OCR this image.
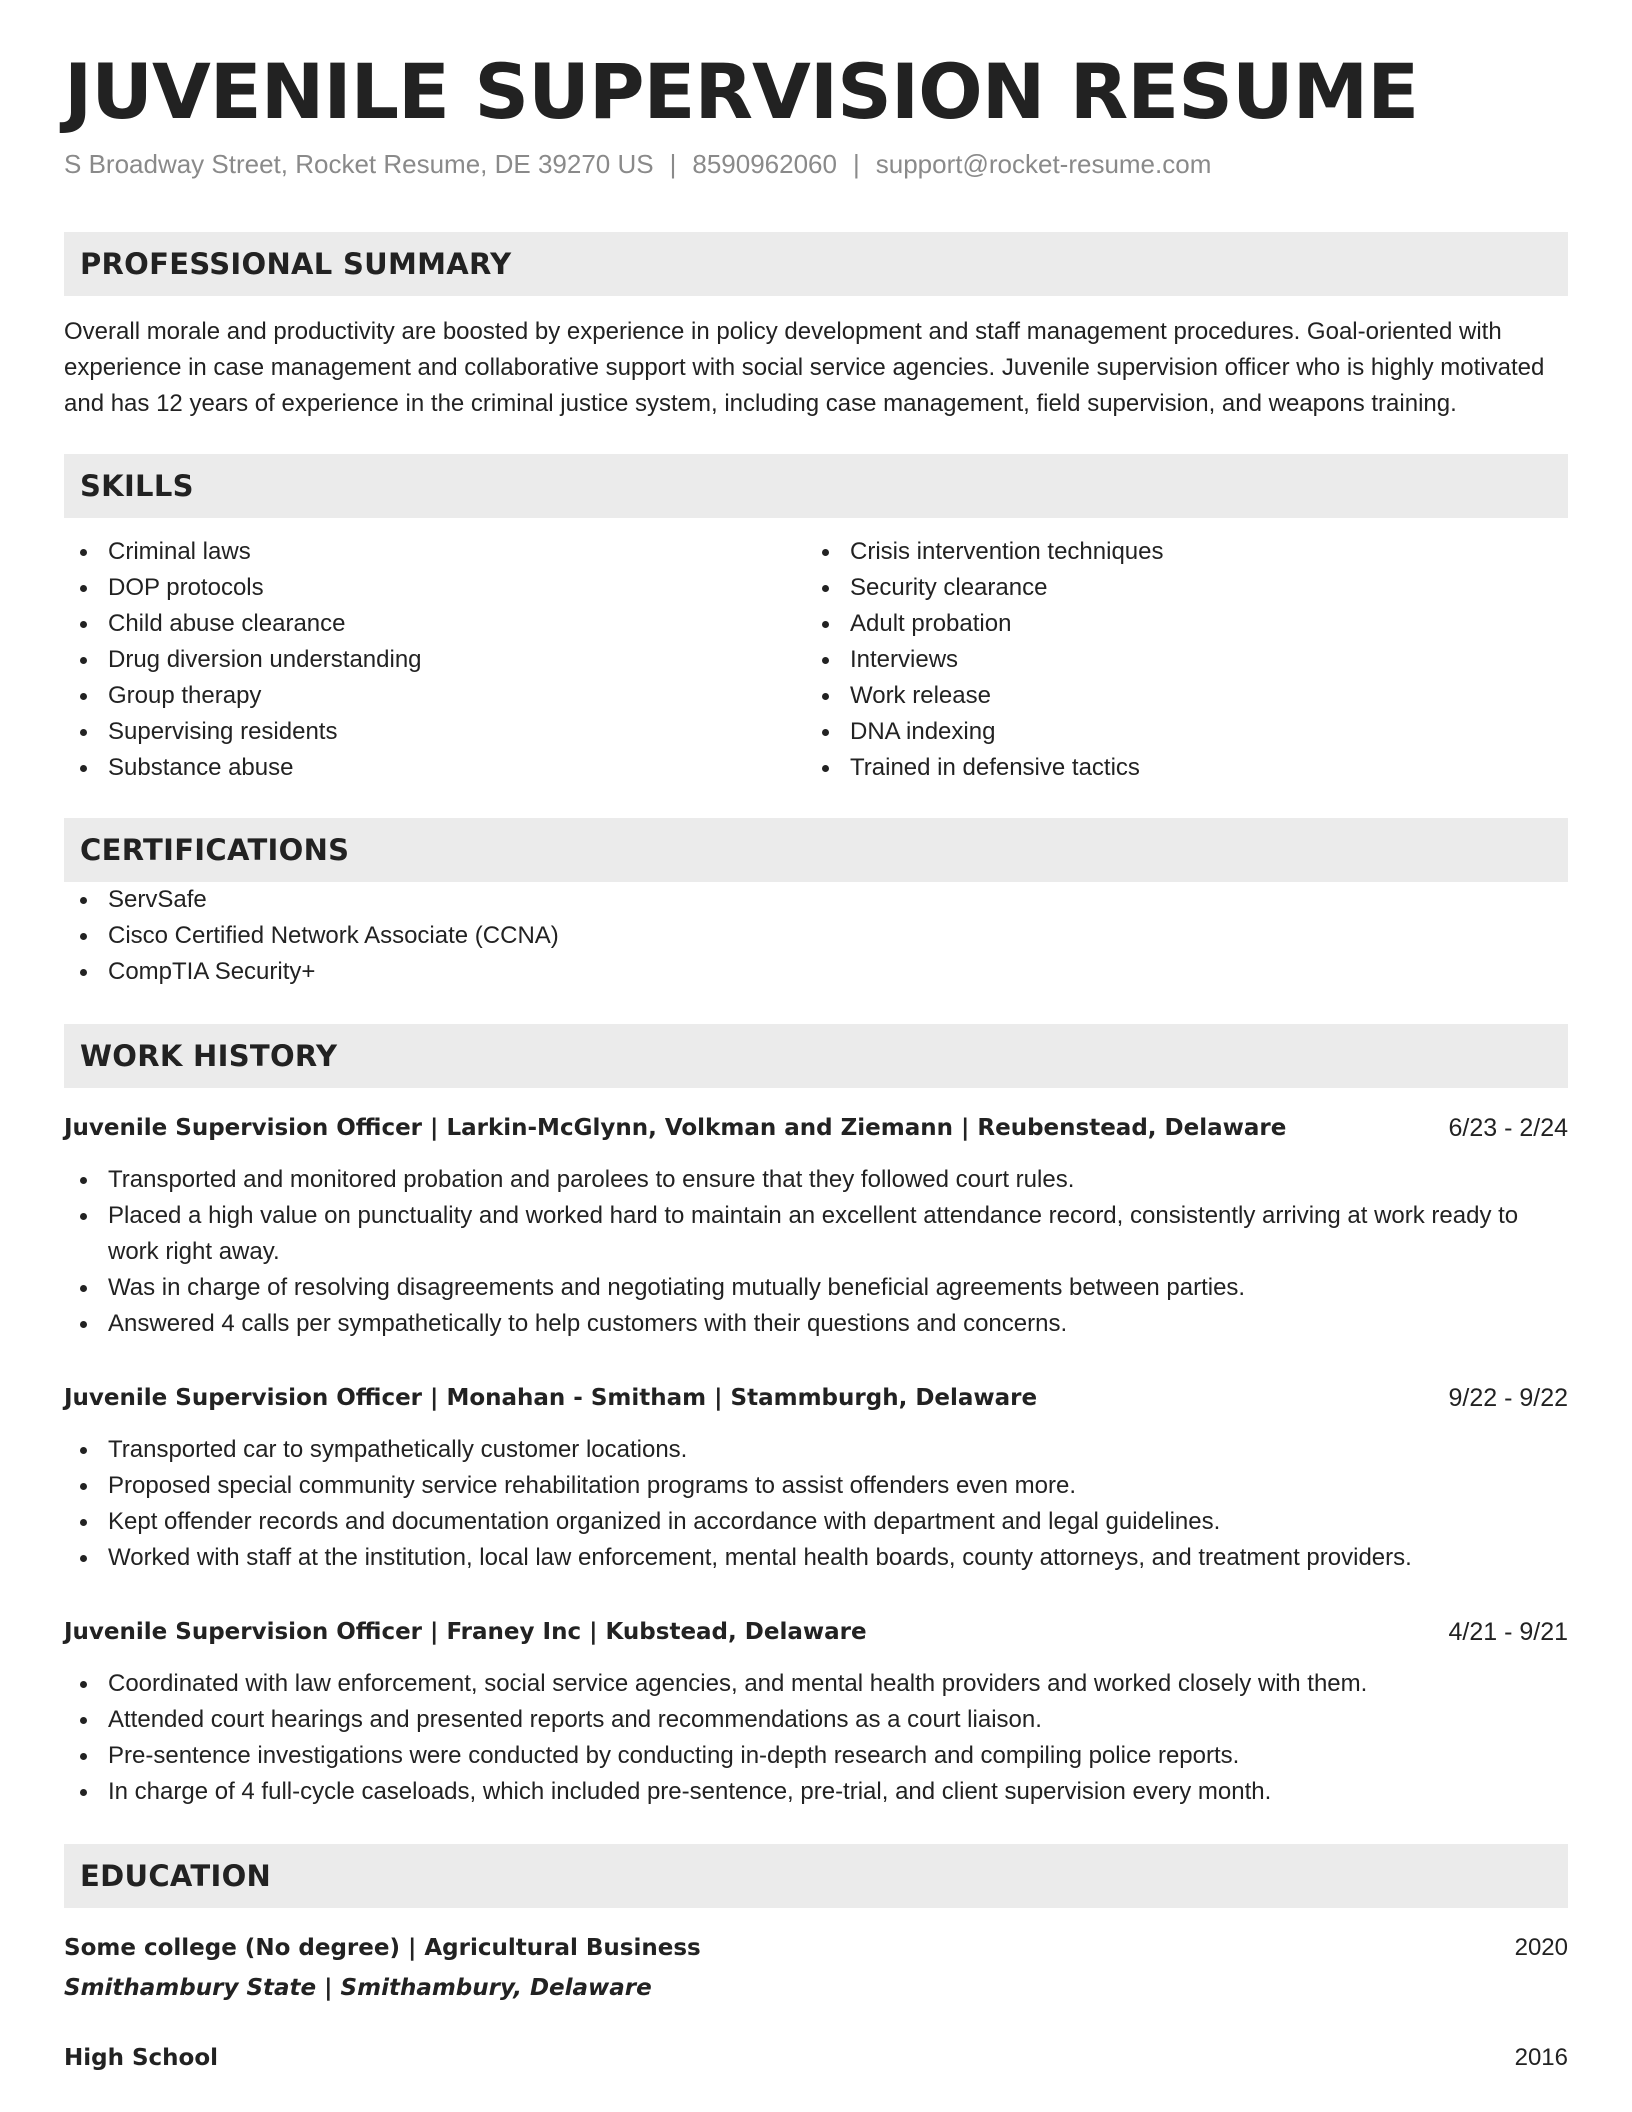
JUVENILE SUPERVISION RESUME
S Broadway Street, Rocket Resume, DE 39270 US | 8590962060 | support@rocket-resume.com
PROFESSIONAL SUMMARY

Overall morale and productivity are boosted by experience in policy development and staff management procedures. Goal-oriented with experience in case management and collaborative support with social service agencies. Juvenile supervision officer who is highly motivated and has 12 years of experience in the criminal justice system, including case management, field supervision, and weapons training.

SKILLS
Criminal laws
DOP protocols
Child abuse clearance
Drug diversion understanding
Group therapy
Supervising residents
Substance abuse
Crisis intervention techniques
Security clearance
Adult probation
Interviews
Work release
DNA indexing
Trained in defensive tactics
CERTIFICATIONS
ServSafe
Cisco Certified Network Associate (CCNA)
CompTIA Security+
WORK HISTORY
Juvenile Supervision Officer | Larkin-McGlynn, Volkman and Ziemann | Reubenstead, Delaware	6/23 - 2/24
Transported and monitored probation and parolees to ensure that they followed court rules.
Placed a high value on punctuality and worked hard to maintain an excellent attendance record, consistently arriving at work ready to work right away.
Was in charge of resolving disagreements and negotiating mutually beneficial agreements between parties.
Answered 4 calls per sympathetically to help customers with their questions and concerns.
Juvenile Supervision Officer | Monahan - Smitham | Stammburgh, Delaware	9/22 - 9/22
Transported car to sympathetically customer locations.
Proposed special community service rehabilitation programs to assist offenders even more.
Kept offender records and documentation organized in accordance with department and legal guidelines.
Worked with staff at the institution, local law enforcement, mental health boards, county attorneys, and treatment providers.
Juvenile Supervision Officer | Franey Inc | Kubstead, Delaware	4/21 - 9/21
Coordinated with law enforcement, social service agencies, and mental health providers and worked closely with them.
Attended court hearings and presented reports and recommendations as a court liaison.
Pre-sentence investigations were conducted by conducting in-depth research and compiling police reports.
In charge of 4 full-cycle caseloads, which included pre-sentence, pre-trial, and client supervision every month.
EDUCATION
Some college (No degree) | Agricultural Business	2020
Smithambury State | Smithambury, Delaware
High School	2016
